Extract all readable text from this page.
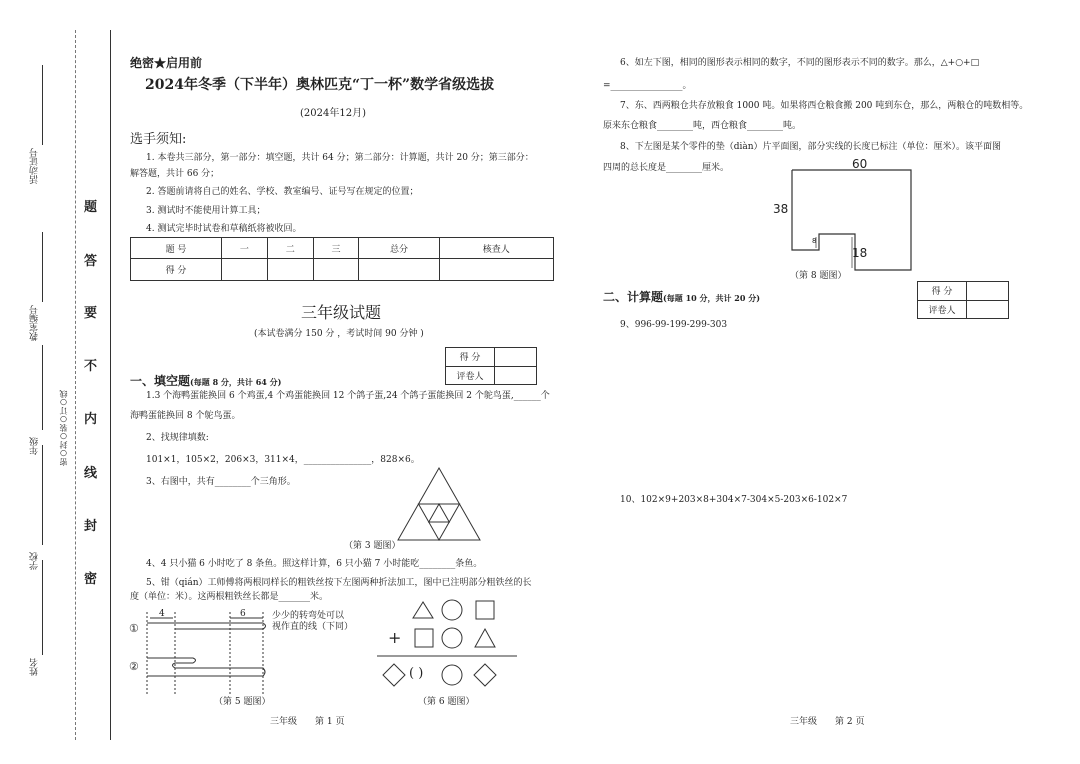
姓名
学校
年级
教室编号
活动证号
密○封○装○订○线
密
封
线
内
不
要
答
题
绝密★启用前
2024年冬季（下半年）奥林匹克“丁一杯”数学省级选拔
(2024年12月)
选手须知:
1. 本卷共三部分，第一部分：填空题，共计 64 分；第二部分：计算题，共计 20 分；第三部分：
解答题，共计 66 分；
2. 答题前请将自己的姓名、学校、教室编号、证号写在规定的位置；
3. 测试时不能使用计算工具；
4. 测试完毕时试卷和草稿纸将被收回。
题 号	一	二	三	总分	核查人
得 分					
三年级试题
(本试卷满分 150 分 ，考试时间 90 分钟 )
得 分	
评卷人	
一、填空题(每题 8 分，共计 64 分)
1.3 个海鸭蛋能换回 6 个鸡蛋,4 个鸡蛋能换回 12 个鸽子蛋,24 个鸽子蛋能换回 2 个鸵鸟蛋,______个
海鸭蛋能换回 8 个鸵鸟蛋。
2、找规律填数:
101×1，105×2，206×3，311×4，_______________，828×6。
3、右图中，共有________个三角形。
（第 3 题图）
4、4 只小猫 6 小时吃了 8 条鱼。照这样计算，6 只小猫 7 小时能吃________条鱼。
5、钳（qián）工师傅将两根同样长的粗铁丝按下左图两种折法加工，图中已注明部分粗铁丝的长
度（单位：米）。这两根粗铁丝长都是_______米。
4	6	少少的转弯处可以
视作直的线（下同）
①
②
（第 5 题图）
+
( )
（第 6 题图）
三年级　　第 1 页
6、如左下图，相同的图形表示相同的数字，不同的图形表示不同的数字。那么，△+○+□
=________________。
7、东、西两粮仓共存放粮食 1000 吨。如果将西仓粮食搬 200 吨到东仓，那么，两粮仓的吨数相等。
原来东仓粮食________吨，西仓粮食________吨。
8、下左图是某个零件的垫（diàn）片平面图，部分实线的长度已标注（单位：厘米）。该平面图
四周的总长度是________厘米。	60
38
8
18
（第 8 题图）
二、计算题(每题 10 分，共计 20 分)
得 分	
评卷人	
9、996-99-199-299-303
10、102×9+203×8+304×7-304×5-203×6-102×7
三年级　　第 2 页
